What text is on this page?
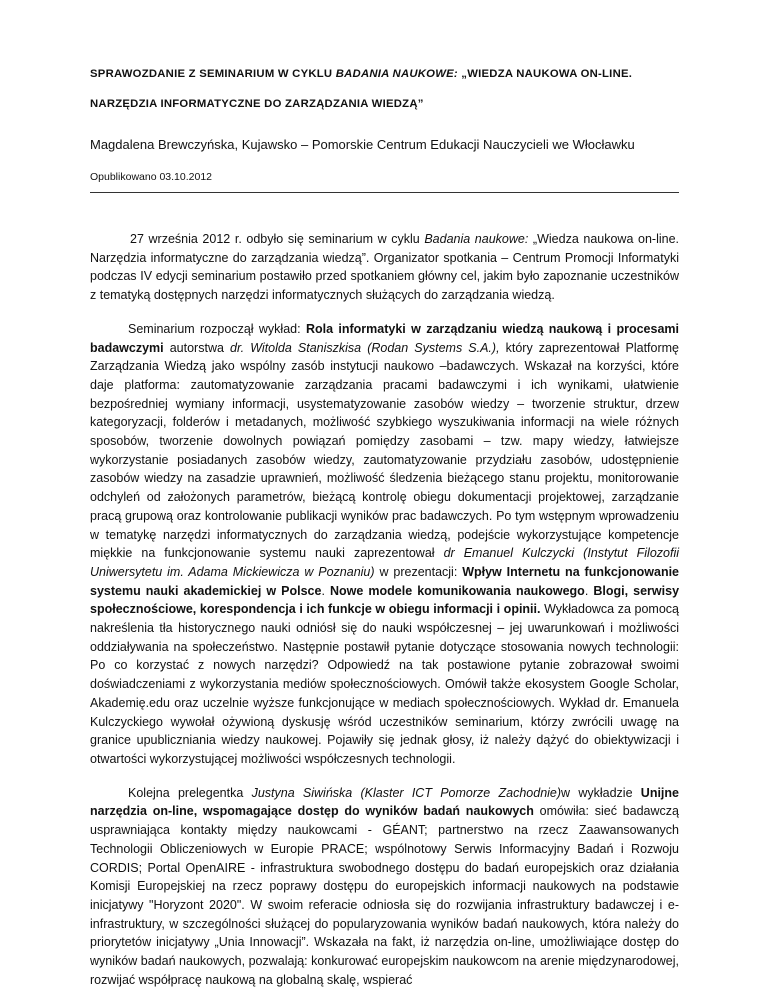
SPRAWOZDANIE Z SEMINARIUM W CYKLU BADANIA NAUKOWE: „WIEDZA NAUKOWA ON-LINE.
NARZĘDZIA INFORMATYCZNE DO ZARZĄDZANIA WIEDZĄ”
Magdalena Brewczyńska, Kujawsko – Pomorskie Centrum Edukacji Nauczycieli we Włocławku
Opublikowano 03.10.2012

27 września 2012 r. odbyło się seminarium w cyklu Badania naukowe: „Wiedza naukowa on-line. Narzędzia informatyczne do zarządzania wiedzą”. Organizator spotkania – Centrum Promocji Informatyki podczas IV edycji seminarium postawiło przed spotkaniem główny cel, jakim było zapoznanie uczestników z tematyką dostępnych narzędzi informatycznych służących do zarządzania wiedzą.

Seminarium rozpoczął wykład: Rola informatyki w zarządzaniu wiedzą naukową i procesami badawczymi autorstwa dr. Witolda Staniszkisa (Rodan Systems S.A.), który zaprezentował Platformę Zarządzania Wiedzą jako wspólny zasób instytucji naukowo –badawczych. Wskazał na korzyści, które daje platforma: zautomatyzowanie zarządzania pracami badawczymi i ich wynikami, ułatwienie bezpośredniej wymiany informacji, usystematyzowanie zasobów wiedzy – tworzenie struktur, drzew kategoryzacji, folderów i metadanych, możliwość szybkiego wyszukiwania informacji na wiele różnych sposobów, tworzenie dowolnych powiązań pomiędzy zasobami – tzw. mapy wiedzy, łatwiejsze wykorzystanie posiadanych zasobów wiedzy, zautomatyzowanie przydziału zasobów, udostępnienie zasobów wiedzy na zasadzie uprawnień, możliwość śledzenia bieżącego stanu projektu, monitorowanie odchyleń od założonych parametrów, bieżącą kontrolę obiegu dokumentacji projektowej, zarządzanie pracą grupową oraz kontrolowanie publikacji wyników prac badawczych. Po tym wstępnym wprowadzeniu w tematykę narzędzi informatycznych do zarządzania wiedzą, podejście wykorzystujące kompetencje miękkie na funkcjonowanie systemu nauki zaprezentował dr Emanuel Kulczycki (Instytut Filozofii Uniwersytetu im. Adama Mickiewicza w Poznaniu) w prezentacji: Wpływ Internetu na funkcjonowanie systemu nauki akademickiej w Polsce. Nowe modele komunikowania naukowego. Blogi, serwisy społecznościowe, korespondencja i ich funkcje w obiegu informacji i opinii. Wykładowca za pomocą nakreślenia tła historycznego nauki odniósł się do nauki współczesnej – jej uwarunkowań i możliwości oddziaływania na społeczeństwo. Następnie postawił pytanie dotyczące stosowania nowych technologii: Po co korzystać z nowych narzędzi? Odpowiedź na tak postawione pytanie zobrazował swoimi doświadczeniami z wykorzystania mediów społecznościowych. Omówił także ekosystem Google Scholar, Akademię.edu oraz uczelnie wyższe funkcjonujące w mediach społecznościowych. Wykład dr. Emanuela Kulczyckiego wywołał ożywioną dyskusję wśród uczestników seminarium, którzy zwrócili uwagę na granice upubliczniania wiedzy naukowej. Pojawiły się jednak głosy, iż należy dążyć do obiektywizacji i otwartości wykorzystującej możliwości współczesnych technologii.

Kolejna prelegentka Justyna Siwińska (Klaster ICT Pomorze Zachodnie)w wykładzie Unijne narzędzia on-line, wspomagające dostęp do wyników badań naukowych omówiła: sieć badawczą usprawniająca kontakty między naukowcami - GÉANT; partnerstwo na rzecz Zaawansowanych Technologii Obliczeniowych w Europie PRACE; wspólnotowy Serwis Informacyjny Badań i Rozwoju CORDIS; Portal OpenAIRE - infrastruktura swobodnego dostępu do badań europejskich oraz działania Komisji Europejskiej na rzecz poprawy dostępu do europejskich informacji naukowych na podstawie inicjatywy "Horyzont 2020". W swoim referacie odniosła się do rozwijania infrastruktury badawczej i e-infrastruktury, w szczególności służącej do popularyzowania wyników badań naukowych, która należy do priorytetów inicjatywy „Unia Innowacji”. Wskazała na fakt, iż narzędzia on-line, umożliwiające dostęp do wyników badań naukowych, pozwalają: konkurować europejskim naukowcom na arenie międzynarodowej, rozwijać współpracę naukową na globalną skalę, wspierać
